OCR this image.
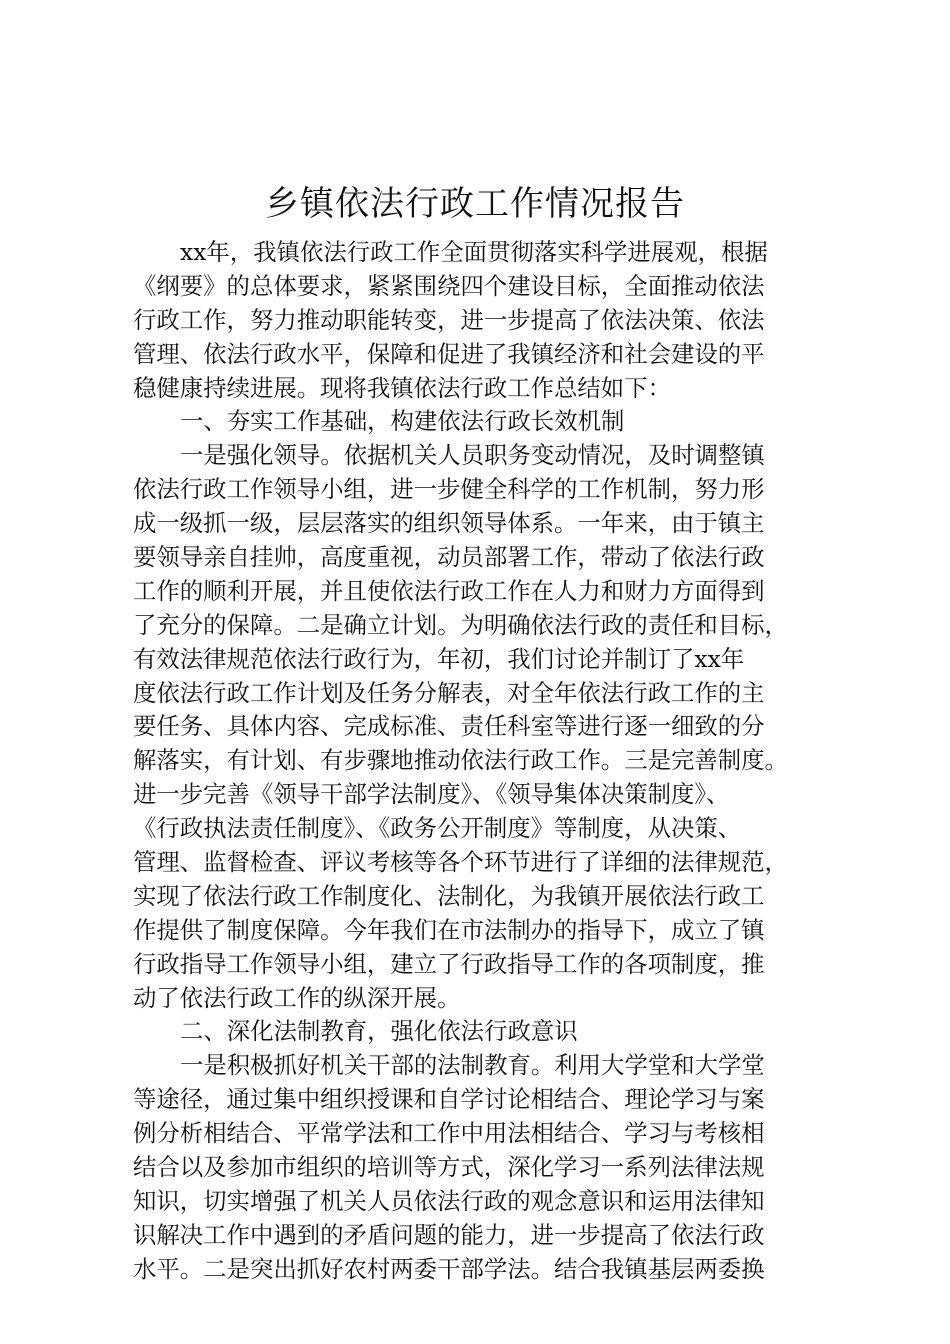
乡镇依法行政工作情况报告
xx年，我镇依法行政工作全面贯彻落实科学进展观，根据
《纲要》的总体要求，紧紧围绕四个建设目标，全面推动依法
行政工作，努力推动职能转变，进一步提高了依法决策、依法
管理、依法行政水平，保障和促进了我镇经济和社会建设的平
稳健康持续进展。现将我镇依法行政工作总结如下：
一、夯实工作基础，构建依法行政长效机制
一是强化领导。依据机关人员职务变动情况，及时调整镇
依法行政工作领导小组，进一步健全科学的工作机制，努力形
成一级抓一级，层层落实的组织领导体系。一年来，由于镇主
要领导亲自挂帅，高度重视，动员部署工作，带动了依法行政
工作的顺利开展，并且使依法行政工作在人力和财力方面得到
了充分的保障。二是确立计划。为明确依法行政的责任和目标，
有效法律规范依法行政行为，年初，我们讨论并制订了xx年
度依法行政工作计划及任务分解表，对全年依法行政工作的主
要任务、具体内容、完成标准、责任科室等进行逐一细致的分
解落实，有计划、有步骤地推动依法行政工作。三是完善制度。
进一步完善《领导干部学法制度》、《领导集体决策制度》、
《行政执法责任制度》、《政务公开制度》等制度，从决策、
管理、监督检查、评议考核等各个环节进行了详细的法律规范，
实现了依法行政工作制度化、法制化，为我镇开展依法行政工
作提供了制度保障。今年我们在市法制办的指导下，成立了镇
行政指导工作领导小组，建立了行政指导工作的各项制度，推
动了依法行政工作的纵深开展。
二、深化法制教育，强化依法行政意识
一是积极抓好机关干部的法制教育。利用大学堂和大学堂
等途径，通过集中组织授课和自学讨论相结合、理论学习与案
例分析相结合、平常学法和工作中用法相结合、学习与考核相
结合以及参加市组织的培训等方式，深化学习一系列法律法规
知识，切实增强了机关人员依法行政的观念意识和运用法律知
识解决工作中遇到的矛盾问题的能力，进一步提高了依法行政
水平。二是突出抓好农村两委干部学法。结合我镇基层两委换
